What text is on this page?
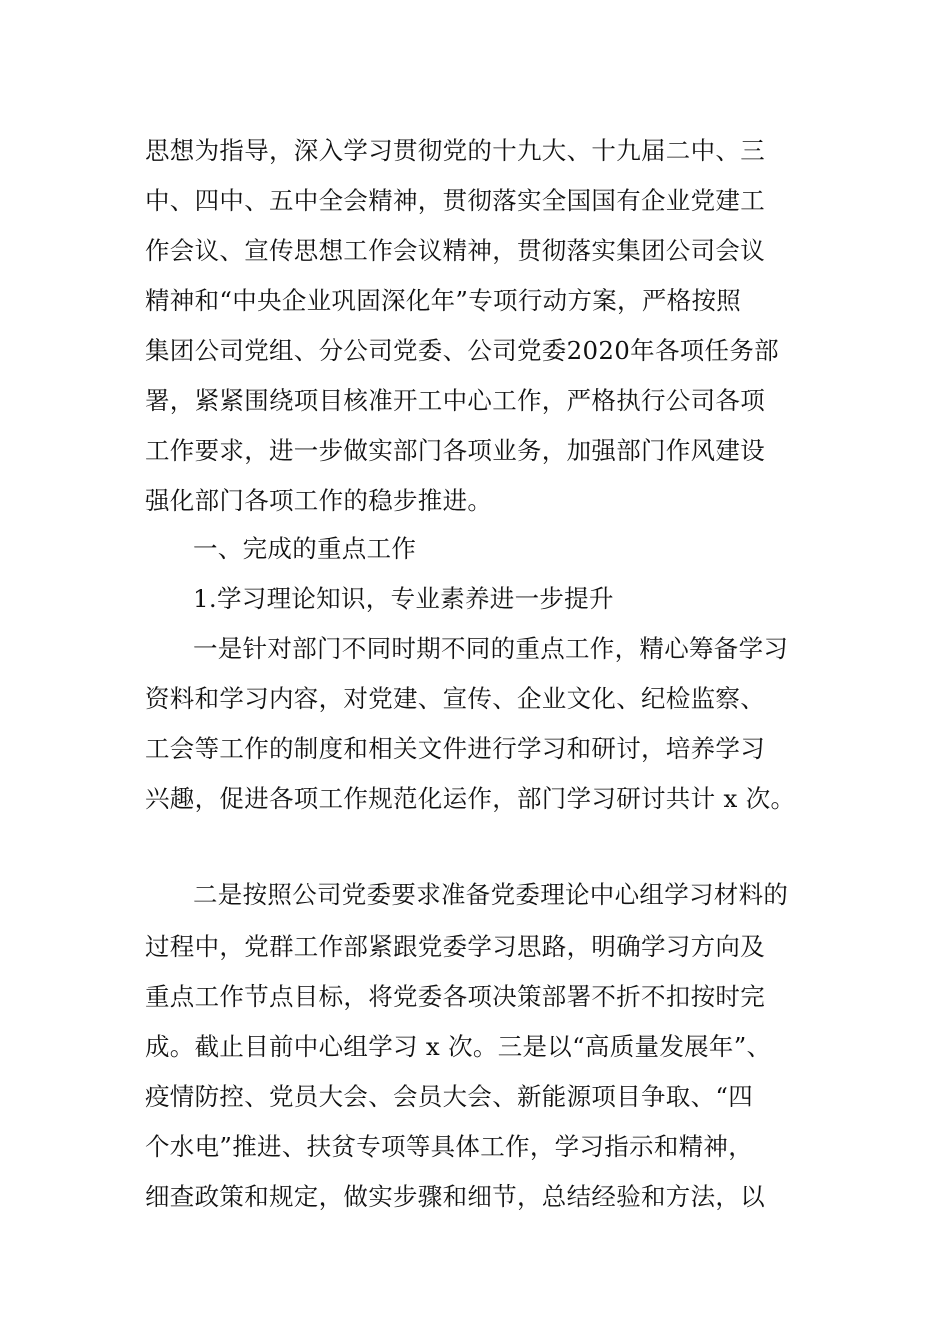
思想为指导，深入学习贯彻党的十九大、十九届二中、三
中、四中、五中全会精神，贯彻落实全国国有企业党建工
作会议、宣传思想工作会议精神，贯彻落实集团公司会议
精神和“中央企业巩固深化年”专项行动方案，严格按照
集团公司党组、分公司党委、公司党委2020年各项任务部
署，紧紧围绕项目核准开工中心工作，严格执行公司各项
工作要求，进一步做实部门各项业务，加强部门作风建设
强化部门各项工作的稳步推进。
一、完成的重点工作
1.学习理论知识，专业素养进一步提升
一是针对部门不同时期不同的重点工作，精心筹备学习
资料和学习内容，对党建、宣传、企业文化、纪检监察、
工会等工作的制度和相关文件进行学习和研讨，培养学习
兴趣，促进各项工作规范化运作，部门学习研讨共计 x 次。
二是按照公司党委要求准备党委理论中心组学习材料的
过程中，党群工作部紧跟党委学习思路，明确学习方向及
重点工作节点目标，将党委各项决策部署不折不扣按时完
成。截止目前中心组学习 x 次。三是以“高质量发展年”、
疫情防控、党员大会、会员大会、新能源项目争取、“四
个水电”推进、扶贫专项等具体工作，学习指示和精神，
细查政策和规定，做实步骤和细节，总结经验和方法，以
